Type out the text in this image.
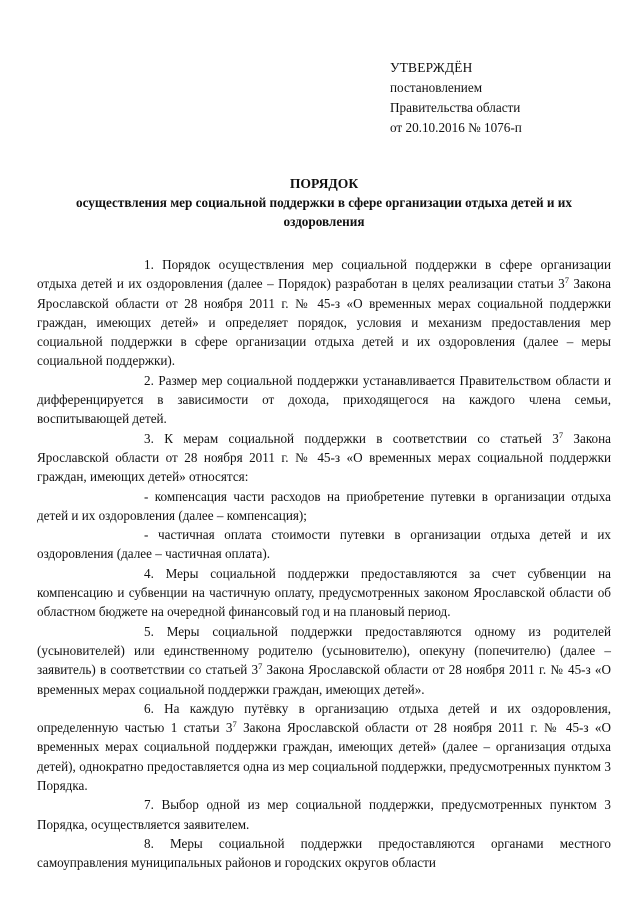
УТВЕРЖДЁН
постановлением
Правительства области
от 20.10.2016 № 1076-п
ПОРЯДОК
осуществления мер социальной поддержки в сфере организации отдыха детей и их оздоровления

1. Порядок осуществления мер социальной поддержки в сфере организации отдыха детей и их оздоровления (далее – Порядок) разработан в целях реализации статьи $3^7$ Закона Ярославской области от 28 ноября 2011 г. № 45-з «О временных мерах социальной поддержки граждан, имеющих детей» и определяет порядок, условия и механизм предоставления мер социальной поддержки в сфере организации отдыха детей и их оздоровления (далее – меры социальной поддержки).

2. Размер мер социальной поддержки устанавливается Правительством области и дифференцируется в зависимости от дохода, приходящегося на каждого члена семьи, воспитывающей детей.

3. К мерам социальной поддержки в соответствии со статьей $3^7$ Закона Ярославской области от 28 ноября 2011 г. № 45-з «О временных мерах социальной поддержки граждан, имеющих детей» относятся:

- компенсация части расходов на приобретение путевки в организации отдыха детей и их оздоровления (далее – компенсация);

- частичная оплата стоимости путевки в организации отдыха детей и их оздоровления (далее – частичная оплата).

4. Меры социальной поддержки предоставляются за счет субвенции на компенсацию и субвенции на частичную оплату, предусмотренных законом Ярославской области об областном бюджете на очередной финансовый год и на плановый период.

5. Меры социальной поддержки предоставляются одному из родителей (усыновителей) или единственному родителю (усыновителю), опекуну (попечителю) (далее – заявитель) в соответствии со статьей $3^7$ Закона Ярославской области от 28 ноября 2011 г. № 45-з «О временных мерах социальной поддержки граждан, имеющих детей».

6. На каждую путёвку в организацию отдыха детей и их оздоровления, определенную частью 1 статьи $3^7$ Закона Ярославской области от 28 ноября 2011 г. № 45-з «О временных мерах социальной поддержки граждан, имеющих детей» (далее – организация отдыха детей), однократно предоставляется одна из мер социальной поддержки, предусмотренных пунктом 3 Порядка.

7. Выбор одной из мер социальной поддержки, предусмотренных пунктом 3 Порядка, осуществляется заявителем.

8. Меры социальной поддержки предоставляются органами местного самоуправления муниципальных районов и городских округов области
